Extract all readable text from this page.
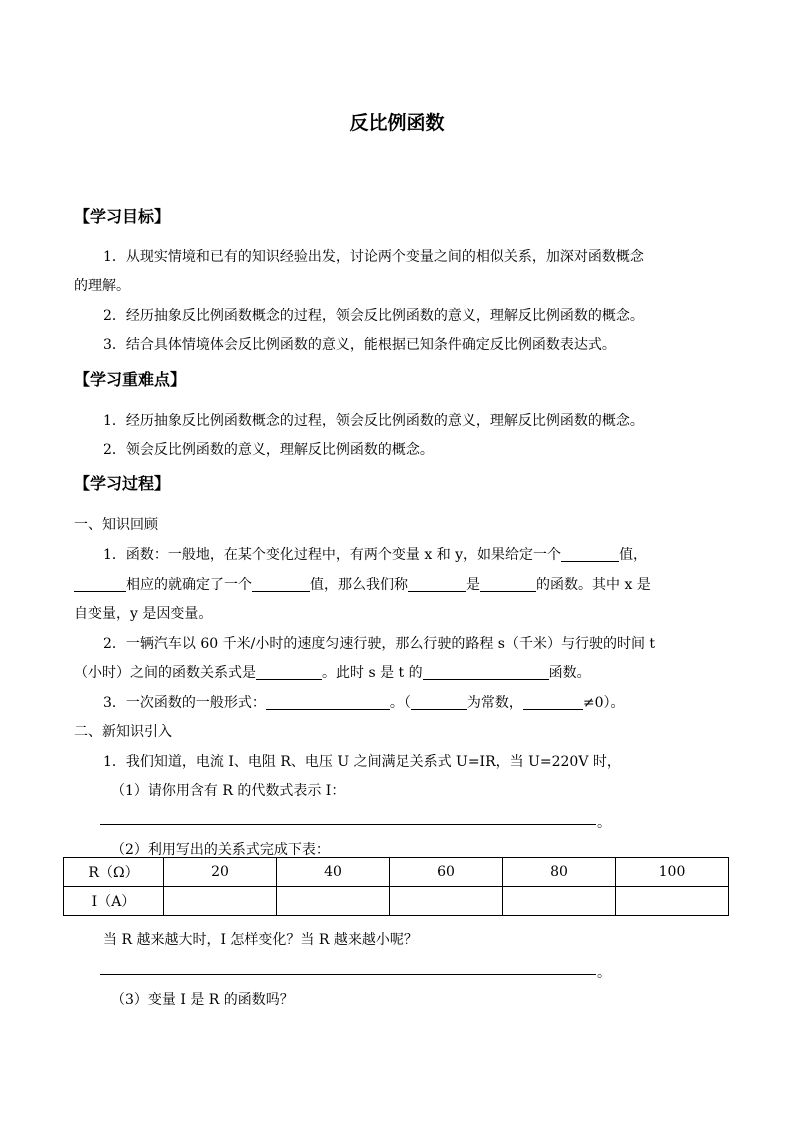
反比例函数
【学习目标】
1．从现实情境和已有的知识经验出发，讨论两个变量之间的相似关系，加深对函数概念
的理解。
2．经历抽象反比例函数概念的过程，领会反比例函数的意义，理解反比例函数的概念。
3．结合具体情境体会反比例函数的意义，能根据已知条件确定反比例函数表达式。
【学习重难点】
1．经历抽象反比例函数概念的过程，领会反比例函数的意义，理解反比例函数的概念。
2．领会反比例函数的意义，理解反比例函数的概念。
【学习过程】
一、知识回顾
1．函数：一般地，在某个变化过程中，有两个变量 x 和 y，如果给定一个	值，
相应的就确定了一个	值，那么我们称	是	的函数。其中 x 是
自变量，y 是因变量。
2．一辆汽车以 60 千米/小时的速度匀速行驶，那么行驶的路程 s（千米）与行驶的时间 t
（小时）之间的函数关系式是	。此时 s 是 t 的	函数。
3．一次函数的一般形式：	。（	为常数，	≠0）。
二、新知识引入
1．我们知道，电流 I、电阻 R、电压 U 之间满足关系式 U=IR，当 U=220V 时，
（1）请你用含有 R 的代数式表示 I：
。
（2）利用写出的关系式完成下表：
R（Ω）	20	40	60	80	100
I（A）					
当 R 越来越大时，I 怎样变化？当 R 越来越小呢？
。
（3）变量 I 是 R 的函数吗？
